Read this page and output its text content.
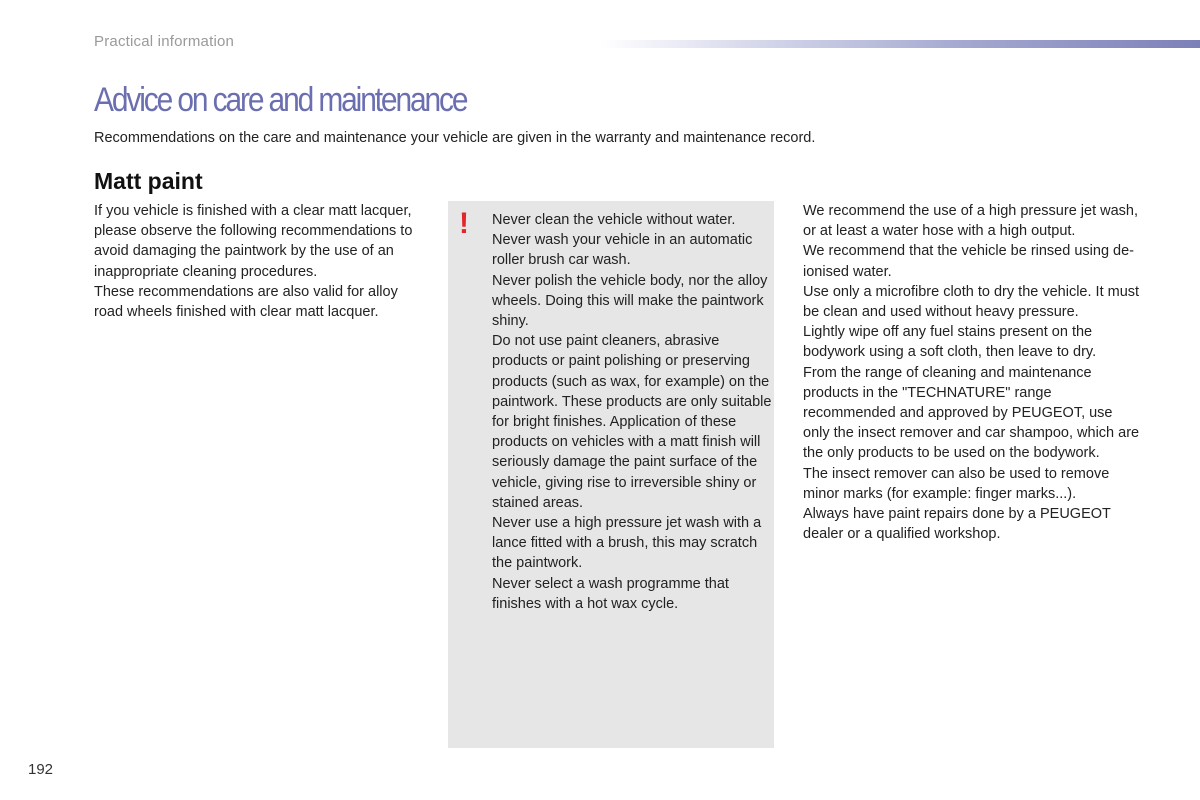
Practical information
Advice on care and maintenance

Recommendations on the care and maintenance your vehicle are given in the warranty and maintenance record.

Matt paint

If you vehicle is finished with a clear matt lacquer, please observe the following recommendations to avoid damaging the paintwork by the use of an inappropriate cleaning procedures.

These recommendations are also valid for alloy road wheels finished with clear matt lacquer.

!	Never clean the vehicle without water.

Never wash your vehicle in an automatic roller brush car wash.

Never polish the vehicle body, nor the alloy wheels. Doing this will make the paintwork shiny.

Do not use paint cleaners, abrasive products or paint polishing or preserving products (such as wax, for example) on the paintwork. These products are only suitable for bright finishes. Application of these products on vehicles with a matt finish will seriously damage the paint surface of the vehicle, giving rise to irreversible shiny or stained areas.

Never use a high pressure jet wash with a lance fitted with a brush, this may scratch the paintwork.

Never select a wash programme that finishes with a hot wax cycle.

We recommend the use of a high pressure jet wash, or at least a water hose with a high output.

We recommend that the vehicle be rinsed using de-ionised water.

Use only a microfibre cloth to dry the vehicle. It must be clean and used without heavy pressure.

Lightly wipe off any fuel stains present on the bodywork using a soft cloth, then leave to dry.

From the range of cleaning and maintenance products in the "TECHNATURE" range recommended and approved by PEUGEOT, use only the insect remover and car shampoo, which are the only products to be used on the bodywork.

The insect remover can also be used to remove minor marks (for example: finger marks...).

Always have paint repairs done by a PEUGEOT dealer or a qualified workshop.

192
